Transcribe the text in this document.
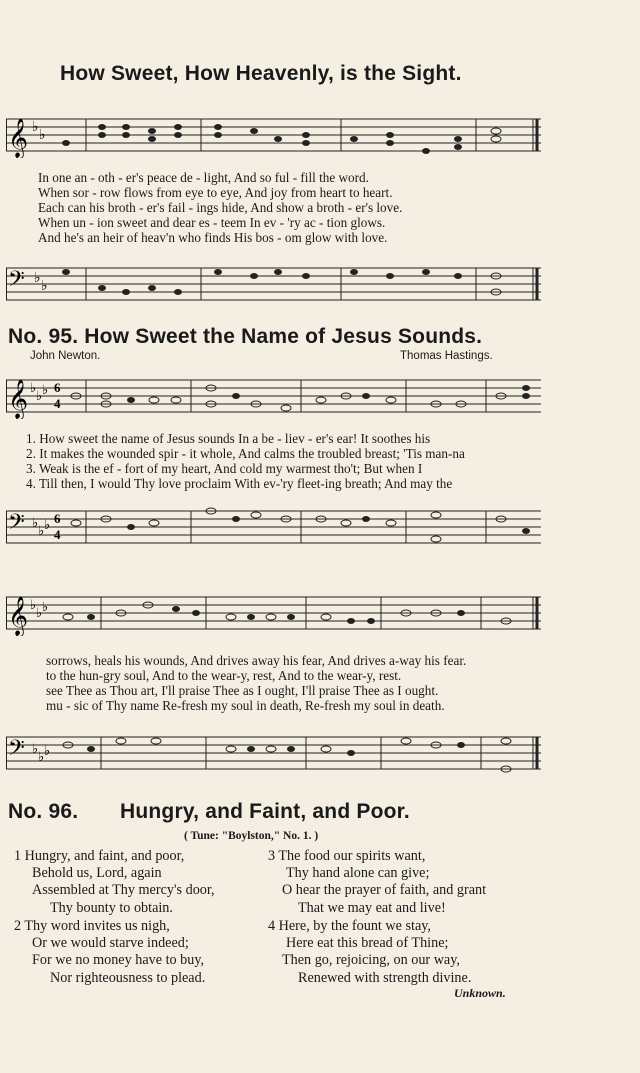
How Sweet, How Heavenly, is the Sight.
𝄞 ♭
♭
In one an - oth - er's peace de - light, And so ful - fill the word.
When sor - row flows from eye to eye, And joy from heart to heart.
Each can his broth - er's fail - ings hide, And show a broth - er's love.
When un - ion sweet and dear es - teem In ev - 'ry ac - tion glows.
And he's an heir of heav'n who finds His bos - om glow with love.
𝄢 ♭
♭
No. 95. How Sweet the Name of Jesus Sounds.
John Newton.	Thomas Hastings.
𝄞 ♭
♭ ♭ 6
4
1. How sweet the name of Jesus sounds In a be - liev - er's ear! It soothes his
2. It makes the wounded spir - it whole, And calms the troubled breast; 'Tis man-na
3. Weak is the ef - fort of my heart, And cold my warmest tho't; But when I
4. Till then, I would Thy love proclaim With ev-'ry fleet-ing breath; And may the
𝄢 ♭
♭ ♭ 6
4
𝄞 ♭
♭ ♭
sorrows, heals his wounds, And drives away his fear, And drives a-way his fear.
to the hun-gry soul, And to the wear-y, rest, And to the wear-y, rest.
see Thee as Thou art, I'll praise Thee as I ought, I'll praise Thee as I ought.
mu - sic of Thy name Re-fresh my soul in death, Re-fresh my soul in death.
𝄢 ♭
♭ ♭
No. 96. Hungry, and Faint, and Poor.
( Tune: "Boylston," No. 1. )
1 Hungry, and faint, and poor,
Behold us, Lord, again
Assembled at Thy mercy's door,
Thy bounty to obtain.
2 Thy word invites us nigh,
Or we would starve indeed;
For we no money have to buy,
Nor righteousness to plead.
3 The food our spirits want,
Thy hand alone can give;
O hear the prayer of faith, and grant
That we may eat and live!
4 Here, by the fount we stay,
Here eat this bread of Thine;
Then go, rejoicing, on our way,
Renewed with strength divine.
Unknown.
